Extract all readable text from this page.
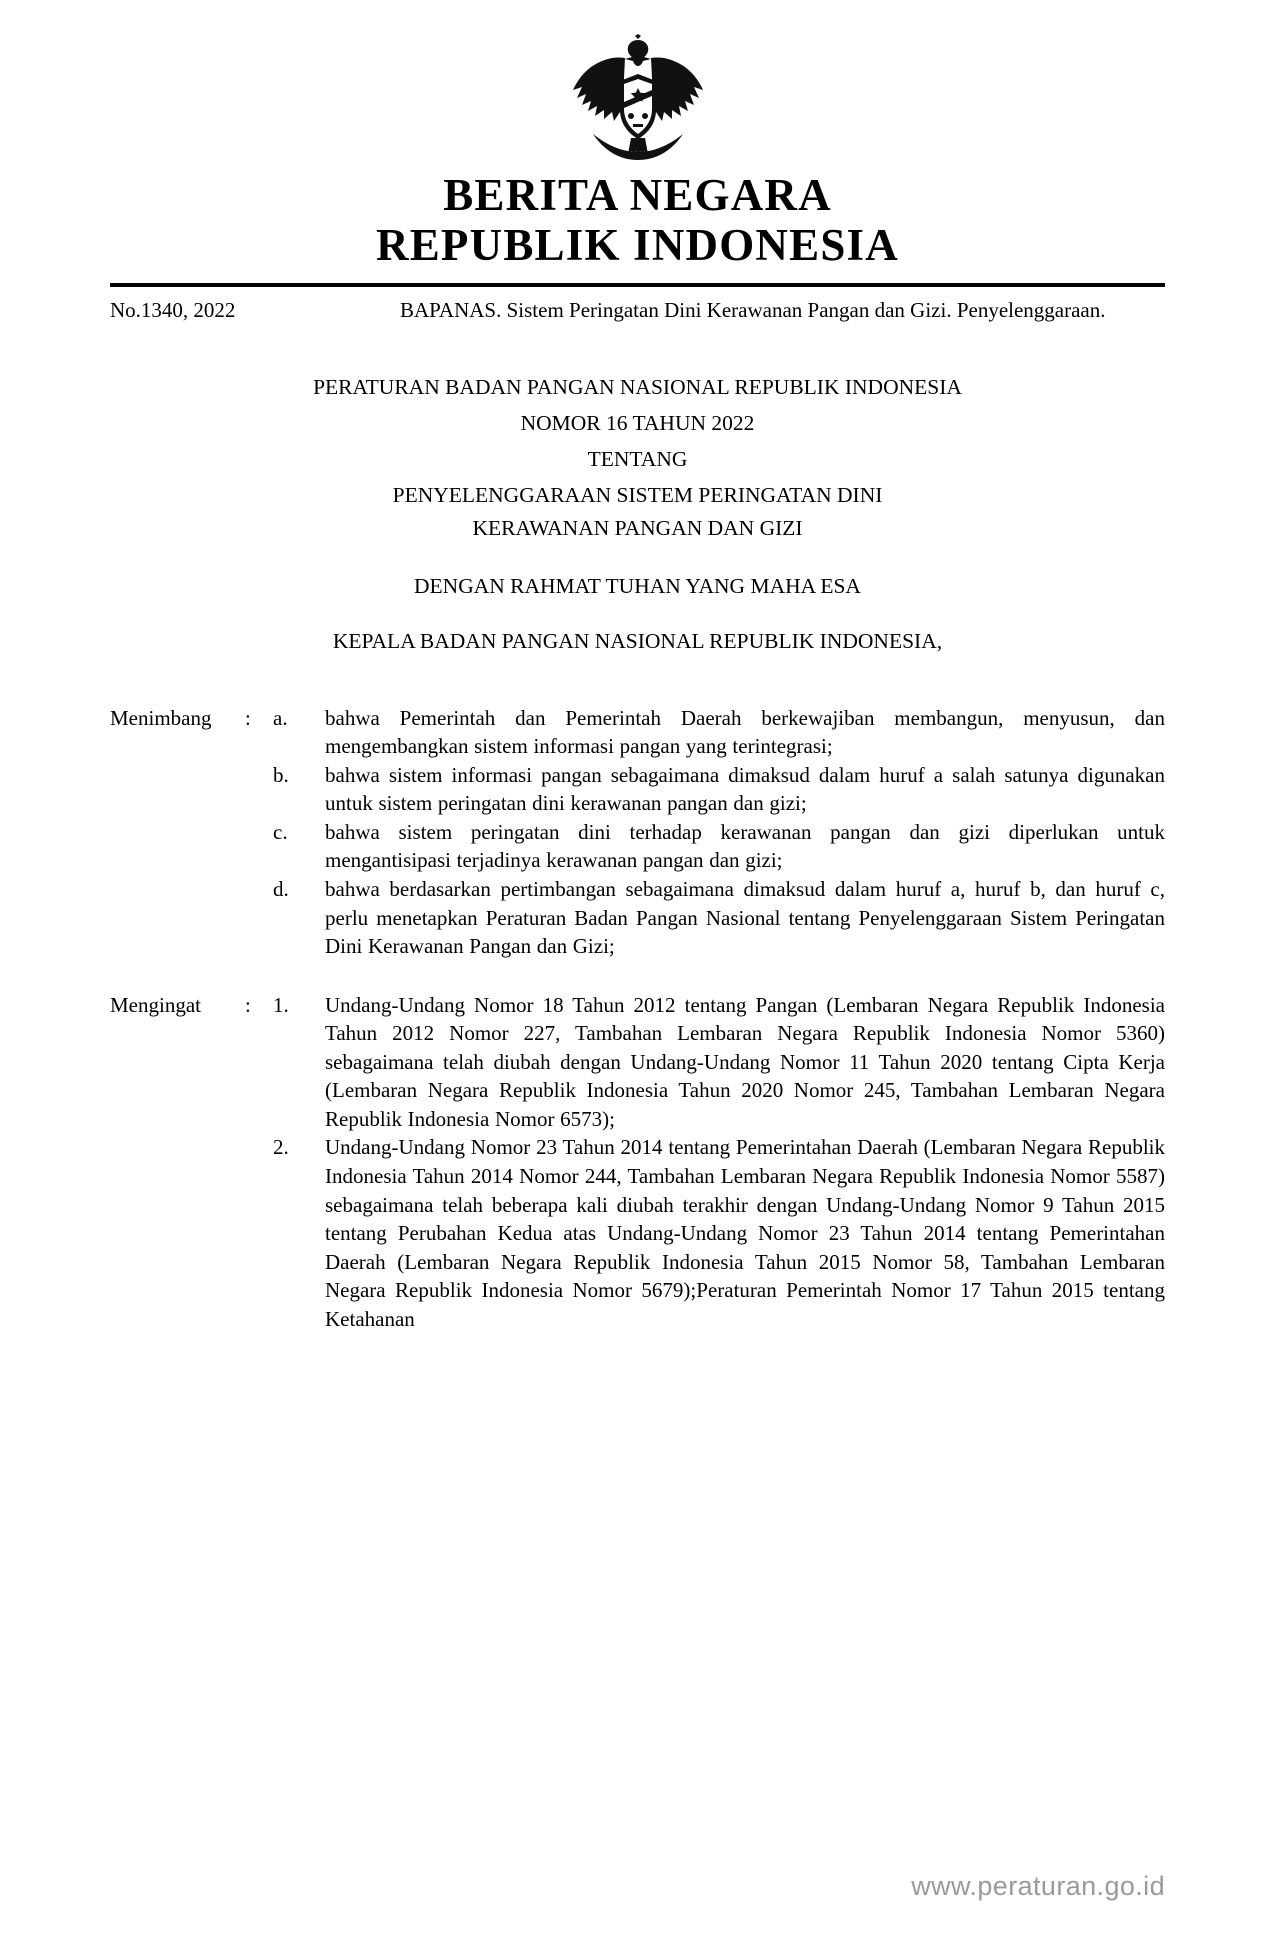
BERITA NEGARA
REPUBLIK INDONESIA
No.1340, 2022	BAPANAS. Sistem Peringatan Dini Kerawanan Pangan dan Gizi. Penyelenggaraan.
PERATURAN BADAN PANGAN NASIONAL REPUBLIK INDONESIA
NOMOR 16 TAHUN 2022
TENTANG
PENYELENGGARAAN SISTEM PERINGATAN DINI
KERAWANAN PANGAN DAN GIZI
DENGAN RAHMAT TUHAN YANG MAHA ESA
KEPALA BADAN PANGAN NASIONAL REPUBLIK INDONESIA,
Menimbang	:	a.	bahwa Pemerintah dan Pemerintah Daerah berkewajiban membangun, menyusun, dan mengembangkan sistem informasi pangan yang terintegrasi;
b.	bahwa sistem informasi pangan sebagaimana dimaksud dalam huruf a salah satunya digunakan untuk sistem peringatan dini kerawanan pangan dan gizi;
c.	bahwa sistem peringatan dini terhadap kerawanan pangan dan gizi diperlukan untuk mengantisipasi terjadinya kerawanan pangan dan gizi;
d.	bahwa berdasarkan pertimbangan sebagaimana dimaksud dalam huruf a, huruf b, dan huruf c, perlu menetapkan Peraturan Badan Pangan Nasional tentang Penyelenggaraan Sistem Peringatan Dini Kerawanan Pangan dan Gizi;
Mengingat	:	1.	Undang-Undang Nomor 18 Tahun 2012 tentang Pangan (Lembaran Negara Republik Indonesia Tahun 2012 Nomor 227, Tambahan Lembaran Negara Republik Indonesia Nomor 5360) sebagaimana telah diubah dengan Undang-Undang Nomor 11 Tahun 2020 tentang Cipta Kerja (Lembaran Negara Republik Indonesia Tahun 2020 Nomor 245, Tambahan Lembaran Negara Republik Indonesia Nomor 6573);
2.	Undang-Undang Nomor 23 Tahun 2014 tentang Pemerintahan Daerah (Lembaran Negara Republik Indonesia Tahun 2014 Nomor 244, Tambahan Lembaran Negara Republik Indonesia Nomor 5587) sebagaimana telah beberapa kali diubah terakhir dengan Undang-Undang Nomor 9 Tahun 2015 tentang Perubahan Kedua atas Undang-Undang Nomor 23 Tahun 2014 tentang Pemerintahan Daerah (Lembaran Negara Republik Indonesia Tahun 2015 Nomor 58, Tambahan Lembaran Negara Republik Indonesia Nomor 5679);Peraturan Pemerintah Nomor 17 Tahun 2015 tentang Ketahanan
www.peraturan.go.id
